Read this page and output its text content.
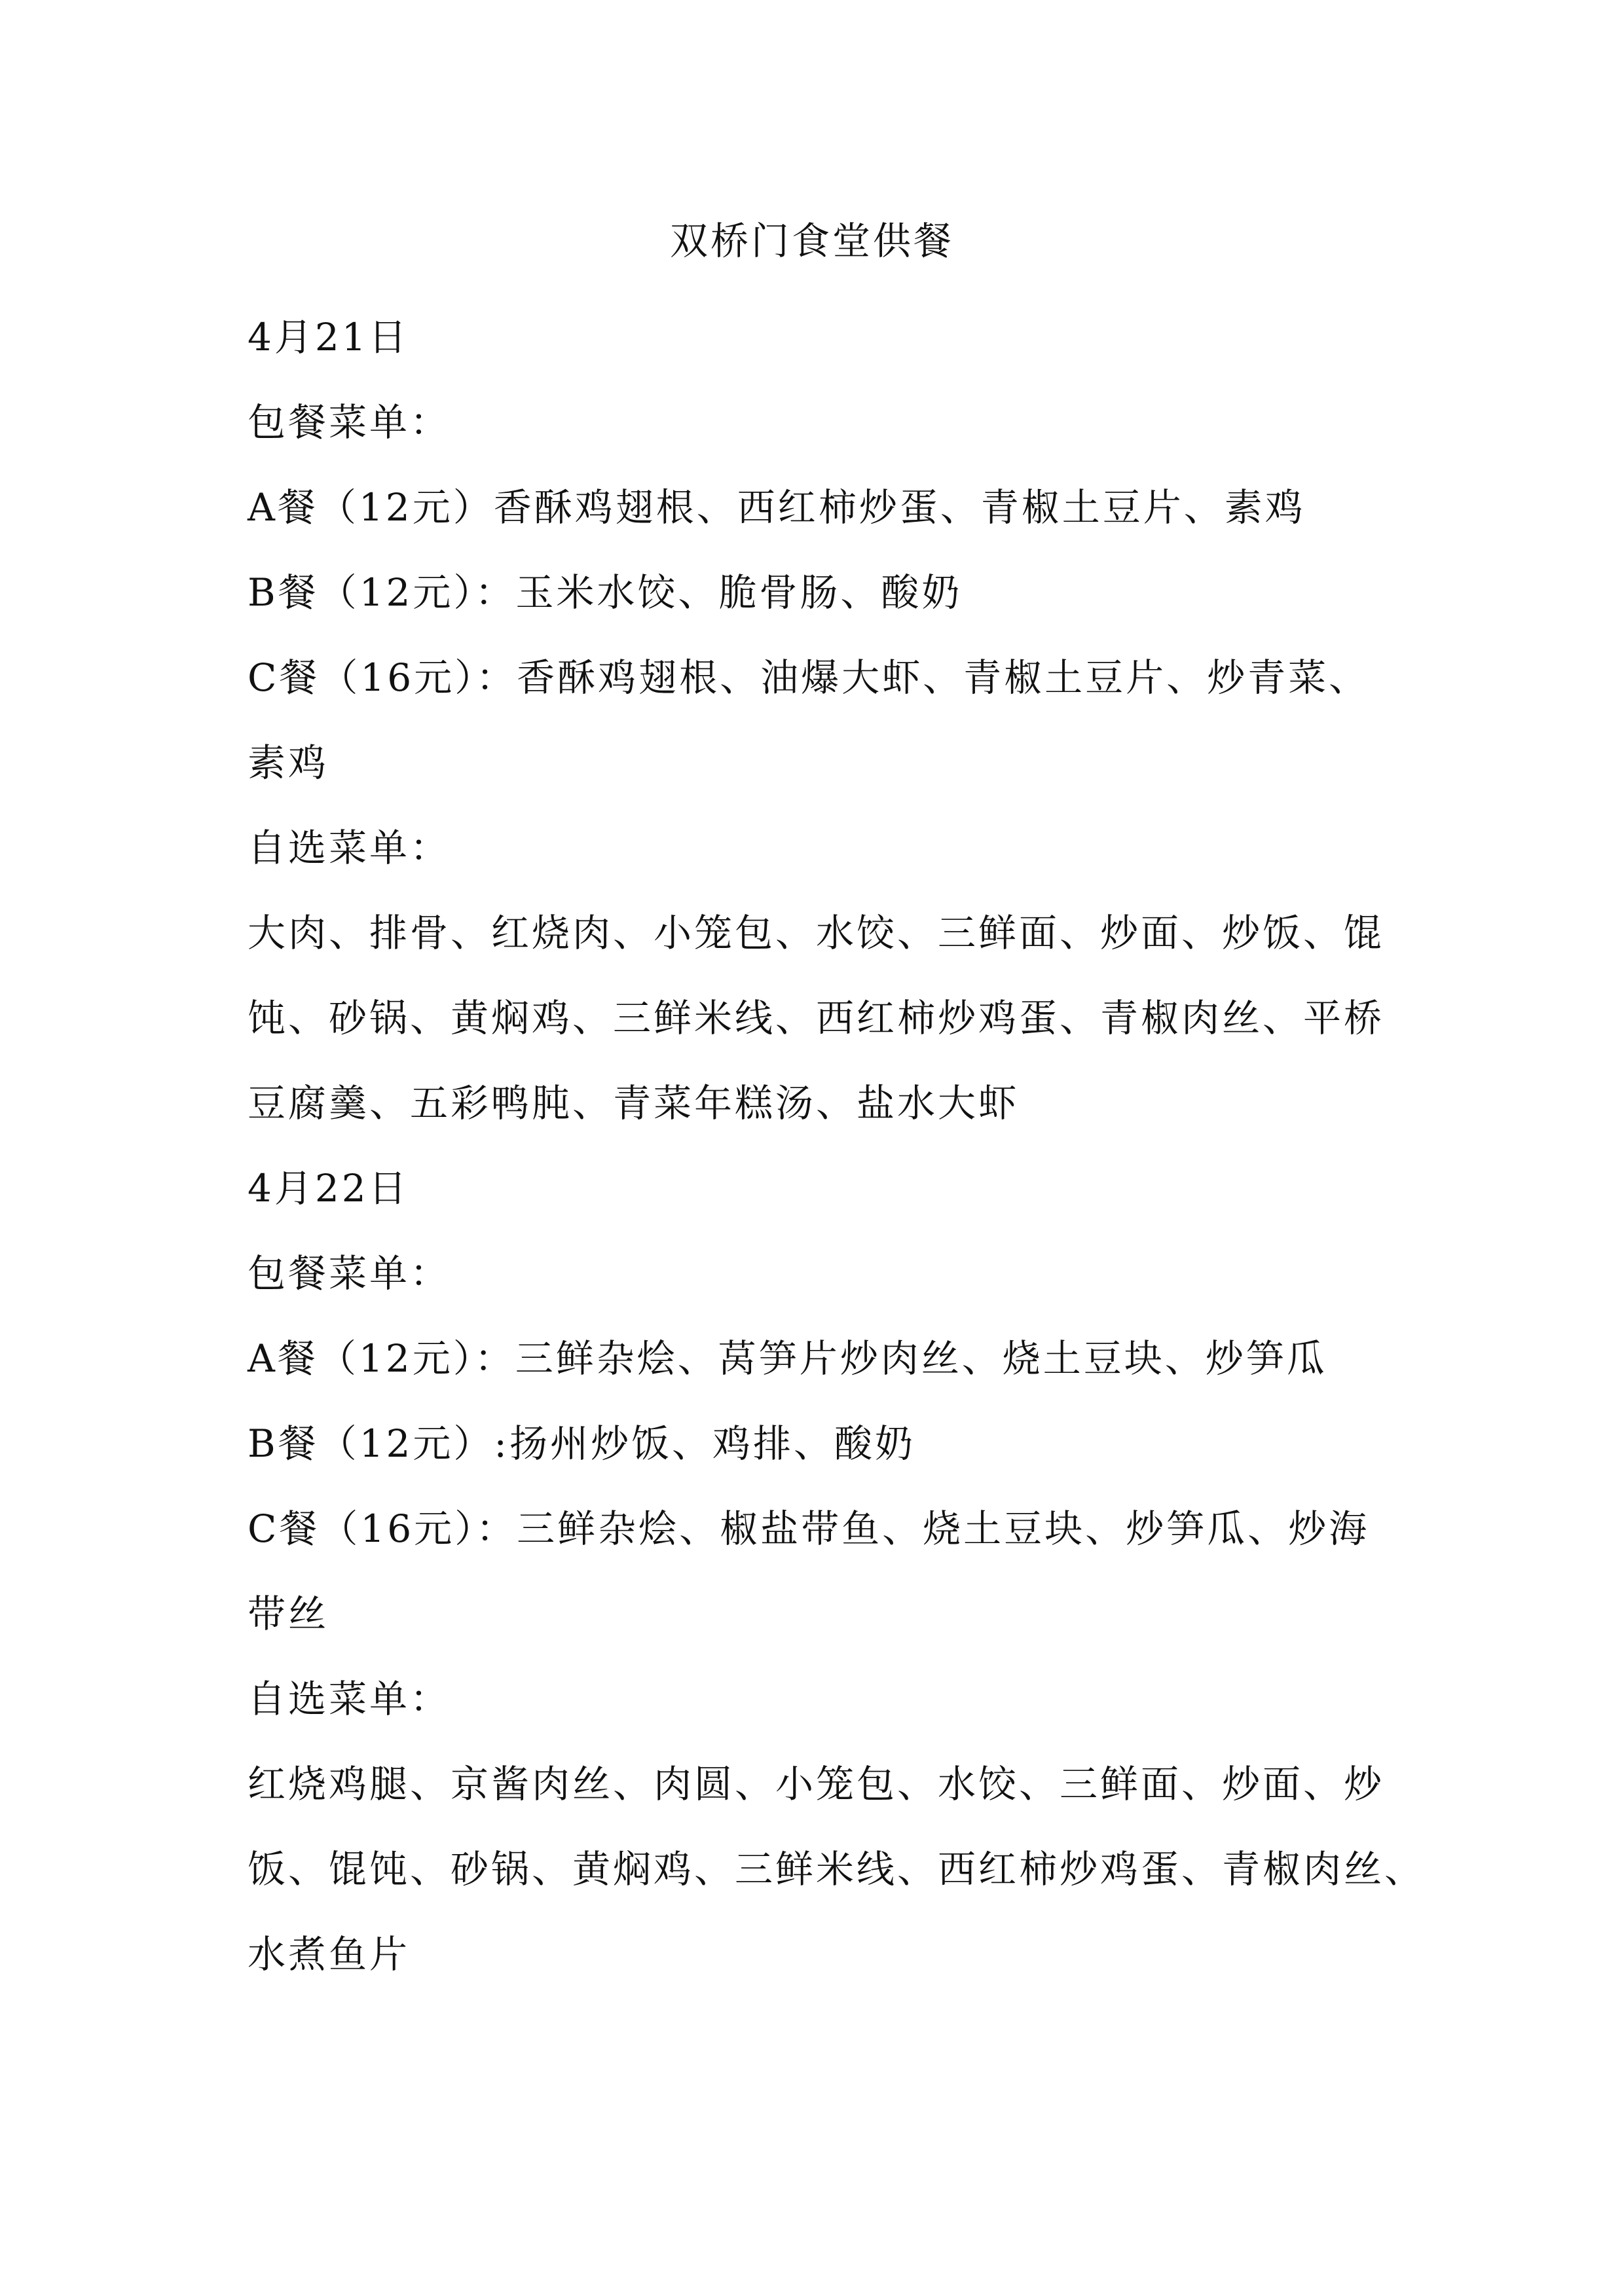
双桥门食堂供餐
4月21日
包餐菜单：
A餐（12元）香酥鸡翅根、西红柿炒蛋、青椒土豆片、素鸡
B餐（12元）：玉米水饺、脆骨肠、酸奶
C餐（16元）：香酥鸡翅根、油爆大虾、青椒土豆片、炒青菜、
素鸡
自选菜单：
大肉、排骨、红烧肉、小笼包、水饺、三鲜面、炒面、炒饭、馄
饨、砂锅、黄焖鸡、三鲜米线、西红柿炒鸡蛋、青椒肉丝、平桥
豆腐羹、五彩鸭肫、青菜年糕汤、盐水大虾
4月22日
包餐菜单：
A餐（12元）：三鲜杂烩、莴笋片炒肉丝、烧土豆块、炒笋瓜
B餐（12元）:扬州炒饭、鸡排、酸奶
C餐（16元）：三鲜杂烩、椒盐带鱼、烧土豆块、炒笋瓜、炒海
带丝
自选菜单：
红烧鸡腿、京酱肉丝、肉圆、小笼包、水饺、三鲜面、炒面、炒
饭、馄饨、砂锅、黄焖鸡、三鲜米线、西红柿炒鸡蛋、青椒肉丝、
水煮鱼片
